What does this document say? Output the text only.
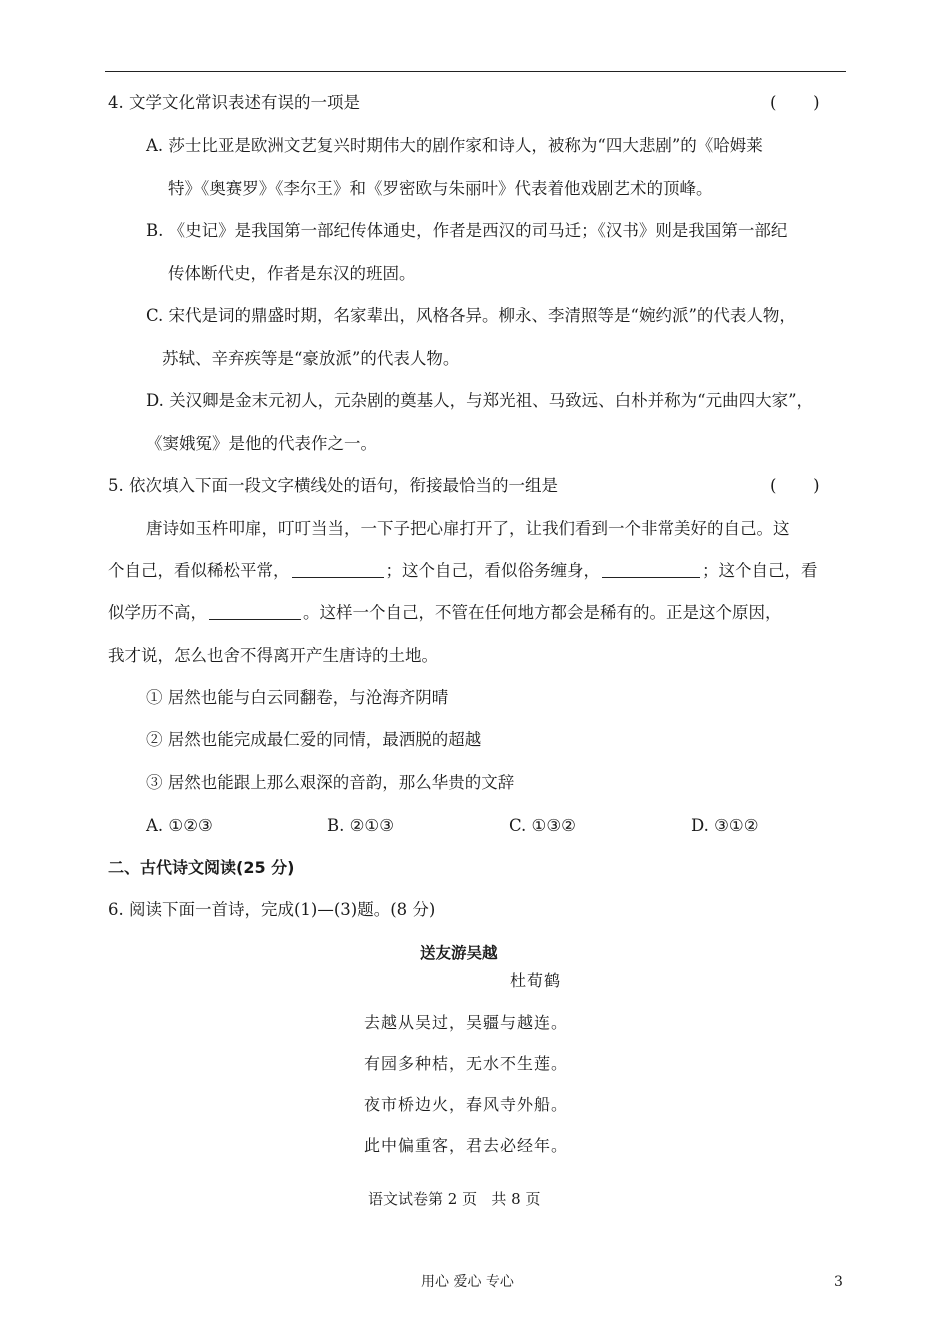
4. 文学文化常识表述有误的一项是	(       )
A. 莎士比亚是欧洲文艺复兴时期伟大的剧作家和诗人，被称为“四大悲剧”的《哈姆莱
特》《奥赛罗》《李尔王》和《罗密欧与朱丽叶》代表着他戏剧艺术的顶峰。
B. 《史记》是我国第一部纪传体通史，作者是西汉的司马迁；《汉书》则是我国第一部纪
传体断代史，作者是东汉的班固。
C. 宋代是词的鼎盛时期，名家辈出，风格各异。柳永、李清照等是“婉约派”的代表人物，
苏轼、辛弃疾等是“豪放派”的代表人物。
D. 关汉卿是金末元初人，元杂剧的奠基人，与郑光祖、马致远、白朴并称为“元曲四大家”，
《窦娥冤》是他的代表作之一。
5. 依次填入下面一段文字横线处的语句，衔接最恰当的一组是	(       )
唐诗如玉杵叩扉，叮叮当当，一下子把心扉打开了，让我们看到一个非常美好的自己。这
个自己，看似稀松平常，	；这个自己，看似俗务缠身，	；这个自己，看
似学历不高，	。这样一个自己，不管在任何地方都会是稀有的。正是这个原因，
我才说，怎么也舍不得离开产生唐诗的土地。
① 居然也能与白云同翻卷，与沧海齐阴晴
② 居然也能完成最仁爱的同情，最洒脱的超越
③ 居然也能跟上那么艰深的音韵，那么华贵的文辞
A. ①②③	B. ②①③	C. ①③②	D. ③①②
二、古代诗文阅读(25 分)
6. 阅读下面一首诗，完成(1)—(3)题。(8 分)
送友游吴越
杜荀鹤
去越从吴过，吴疆与越连。
有园多种桔，无水不生莲。
夜市桥边火，春风寺外船。
此中偏重客，君去必经年。
语文试卷第 2 页   共 8 页
用心 爱心 专心	3
